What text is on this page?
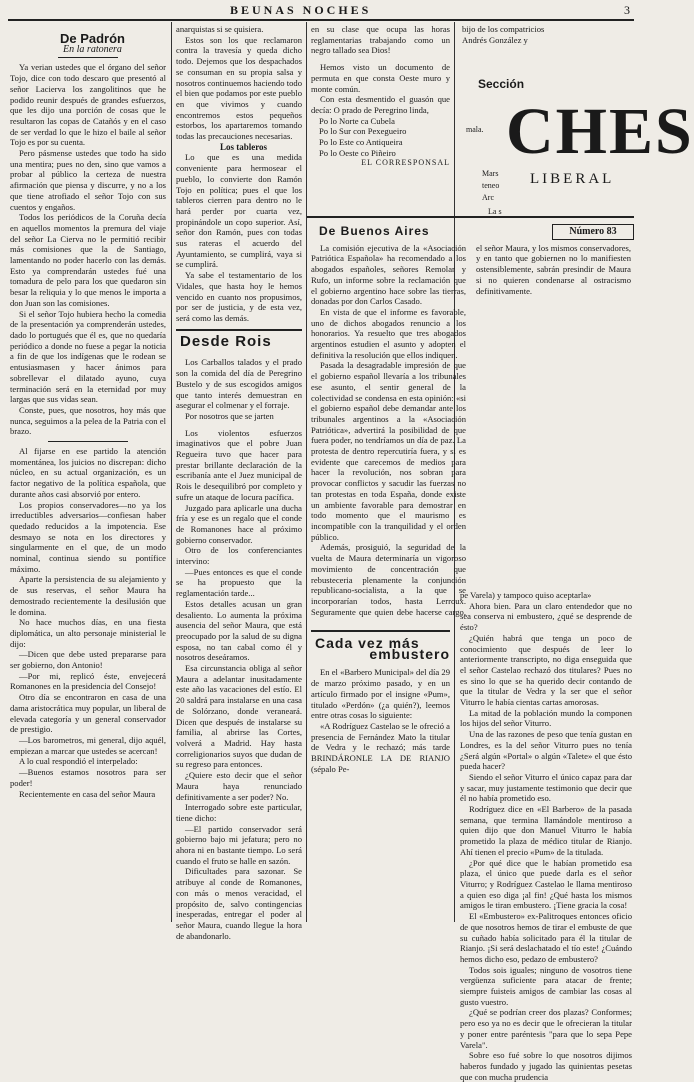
BEUNAS NOCHES	3

De Padrón

En la ratonera

Ya verian ustedes que el órgano del señor Tojo, dice con todo descaro que presentó al señor Lacierva los zangolitinos que he podido reunir después de grandes esfuerzos, que les dijo una porción de cosas que le resultaron las copas de Catañós y en el caso de ser verdad lo que le hizo el baile al señor Tojo es por su cuenta.

Pero pásmense ustedes que todo ha sido una mentira; pues no den, sino que vamos a probar al público la certeza de nuestra afirmación que piensa y discurre, y no a los que tiene atrofiado el señor Tojo con sus cuentos y engaños.

Todos los periódicos de la Coruña decía en aquellos momentos la premura del viaje del señor La Cierva no le permitió recibir más comisiones que la de Santiago, lamentando no poder hacerlo con las demás. Esto ya comprendarán ustedes fué una tomadura de pelo para los que quedaron sin besar la reliquia y lo que menos le importa a don Juan son las comisiones.

Si el señor Tojo hubiera hecho la comedia de la presentación ya comprenderán ustedes, dado lo portugués que él es, que no quedaría periódico a donde no fuese a pegar la noticia a fin de que los indígenas que le rodean se entusiasmasen y hacer ánimos para sobrellevar el dilatado ayuno, cuya terminación será en la eternidad por muy largas que sus vidas sean.

Conste, pues, que nosotros, hoy más que nunca, seguimos a la pelea de la Patria con el brazo.

Al fijarse en ese partido la atención momentánea, los juicios no discrepan: dicho núcleo, en su actual organización, es un factor negativo de la política española, que durante años casi absorvió por entero.

Los propios conservadores—no ya los irreductibles adversarios—confiesan haber quedado reducidos a la impotencia. Ese desmayo se nota en los directores y singularmente en el que, de un modo nominal, continua siendo su pontífice máximo.

Aparte la persistencia de su alejamiento y de sus reservas, el señor Maura ha demostrado recientemente la desilusión que le domina.

No hace muchos días, en una fiesta diplomática, un alto personaje ministerial le dijo:

—Dicen que debe usted prepararse para ser gobierno, don Antonio!

—Por mi, replicó éste, envejecerá Romanones en la presidencia del Consejo!

Otro día se encontraron en casa de una dama aristocrática muy popular, un liberal de elevada categoría y un general conservador de prestigio.

—Los barometros, mi general, dijo aquél, empiezan a marcar que ustedes se acercan!

A lo cual respondió el interpelado:

—Buenos estamos nosotros para ser poder!

Recientemente en casa del señor Maura

anarquistas si se quisiera.

Estos son los que reclamaron contra la travesía y queda dicho todo. Dejemos que los despachados se consuman en su propia salsa y nosotros continuemos haciendo todo el bien que podamos por este pueblo en que vivimos y cuando encontremos estos pequeños estorbos, los apartaremos tomando todas las precauciones necesarias.

Los tableros

Lo que es una medida conveniente para hermosear el pueblo, lo convierte don Ramón Tojo en política; pues el que los tableros cierren para dentro no le hará perder por cuarta vez, propinándole un copo superior. Así, señor don Ramón, pues con todas sus rateras el acuerdo del Ayuntamiento, se cumplirá, vaya si se cumplirá.

Ya sabe el testamentario de los Vidales, que hasta hoy le hemos vencido en cuanto nos propusimos, por ser de justicia, y de esta vez, será como las demás.

Desde Rois

Los Carballos talados y el prado son la comida del día de Peregrino Bustelo y de sus escogidos amigos que tanto interés demuestran en asegurar el colmenar y el forraje.

Por nosotros que se jarten

Los violentos esfuerzos imaginativos que el pobre Juan Regueira tuvo que hacer para prestar brillante declaración de la escribanía ante el Juez municipal de Rois le desequilibró por completo y sufre un ataque de locura pacífica.

Juzgado para aplicarle una ducha fría y ese es un regalo que el conde de Romanones hace al próximo gobierno conservador.

Otro de los conferenciantes intervino:

—Pues entonces es que el conde se ha propuesto que la reglamentación tarde...

Estos detalles acusan un gran desaliento. Lo aumenta la próxima ausencia del señor Maura, que está preocupado por la salud de su digna esposa, no tan cabal como él y nosotros deseáramos.

Esa circunstancia obliga al señor Maura a adelantar inusitadamente este año las vacaciones del estío. El 20 saldrá para instalarse en una casa de Solórzano, donde veraneará. Dicen que después de instalarse su familia, al abrirse las Cortes, volverá a Madrid. Hay hasta correligionarios suyos que dudan de su regreso para entonces.

¿Quiere esto decir que el señor Maura haya renunciado definitivamente a ser poder? No.

Interrogado sobre este particular, tiene dicho:

—El partido conservador será gobierno bajo mi jefatura; pero no ahora ni en bastante tiempo. Lo será cuando el fruto se halle en sazón.

Dificultades para sazonar. Se atribuye al conde de Romanones, con más o menos veracidad, el propósito de, salvo contingencias inesperadas, entregar el poder al señor Maura, cuando llegue la hora de abandonarlo.

en su clase que ocupa las horas reglamentarias trabajando como un negro tallado sea Dios!

Hemos visto un documento de permuta en que consta Oeste muro y monte común.

Con esta desmentido el guasón que decía: O prado de Peregrino linda,

Po lo Norte ca Cubela
Po lo Sur con Pexegueiro
Po lo Este co Antiqueira
Po lo Oeste co Piñeiro
EL CORRESPONSAL

bijo de los compatricios

Andrés González y

Sección
CHES
LIBERAL
mala.
Mars
teneo
Arc
La s
Número 83
De Buenos Aires

La comisión ejecutiva de la «Asociación Patriótica Española» ha recomendado a los abogados españoles, señores Remolar y Rufo, un informe sobre la reclamación que el gobierno argentino hace sobre las tierras, donadas por don Carlos Casado.

En vista de que el informe es favorable, uno de dichos abogados renuncio a los honorarios. Ya resuelto que tres abogados argentinos estudien el asunto y adopten el definitiva la resolución que ellos indiquen.

Pasada la desagradable impresión de que el gobierno español llevaría a los tribunales ese asunto, el sentir general de la colectividad se condensa en esta opinión: «si el gobierno español debe demandar ante los tribunales argentinos a la «Asociación Patriótica», advertirá la posibilidad de que fuera poder, no tendríamos un día de paz. La protesta de dentro repercutiría fuera, y si es evidente que carecemos de medios para hacer la revolución, nos sobran para provocar conflictos y sacudir las fuerzas no tan protestas en toda España, donde existe un ambiente favorable para demostrar en todo momento que el maurismo es incompatible con la tranquilidad y el orden público.

Además, prosiguió, la seguridad de la vuelta de Maura determinaría un vigoroso movimiento de concentración que rebusteceria plenamente la conjunción republicano-socialista, a la que se incorporarían todos, hasta Lerroux. Seguramente que quien debe hacerse cargo, el señor Maura, y los mismos conservadores, y en tanto que gobiernen no lo manifiesten ostensiblemente, sabrán presindir de Maura si no quieren condenarse al ostracismo definitivamente.

Cada vez más
embustero

En el «Barbero Municipal» del día 29 de marzo próximo pasado, y en un artículo firmado por el insigne «Pum», titulado «Perdón» (¿a quién?), leemos entre otras cosas lo siguiente:

«A Rodríguez Castelao se le ofreció a presencia de Fernández Mato la titular de Vedra y le rechazó; más tarde BRINDÁRONLE LA DE RIANJO (sépalo Pe-

pe Varela) y tampoco quiso aceptarla»

Ahora bien. Para un claro entendedor que no sea conserva ni embustero, ¿qué se desprende de ésto?

¿Quién habrá que tenga un poco de conocimiento que después de leer lo anteriormente transcripto, no diga enseguida que el señor Castelao rechazó dos titulares? Pues no es sino lo que se ha querido decir contando de que la titular de Vedra y la ser que el señor Viturro le había cientas cartas amorosas.

La mitad de la población mundo la componen los hijos del señor Viturro.

Una de las razones de peso que tenía gustan en Londres, es la del señor Viturro pues no tenía ¿Será algún «Portal» o algún «Talete» el que ésto pueda hacer?

Siendo el señor Viturro el único capaz para dar y sacar, muy justamente testimonio que decir que él no había prometido eso.

Rodríguez dice en «El Barbero» de la pasada semana, que termina llamándole mentiroso a quien dijo que don Manuel Viturro le había prometido la plaza de médico titular de Rianjo. Ahí tienen el precio «Pum» de la titulada.

¿Por qué dice que le habían prometido esa plaza, el único que puede darla es el señor Viturro; y Rodríguez Castelao le llama mentiroso a quien eso diga ¡al fin! ¿Qué hasta los mismos amigos le tiran embustero. ¡Tiene gracia la cosa!

El «Embustero» ex-Palitroques entonces oficio de que nosotros hemos de tirar el embuste de que su cuñado había solicitado para él la titular de Rianjo. ¡Si será deslachatado el tío este! ¿Cuándo hemos dicho eso, pedazo de embustero?

Todos sois iguales; ninguno de vosotros tiene vergüenza suficiente para atacar de frente; siempre fuisteis amigos de cambiar las cosas al gusto vuestro.

¿Qué se podrían creer dos plazas? Conformes; pero eso ya no es decir que le ofrecieran la titular y poner entre paréntesis "para que lo sepa Pepe Varela".

Sobre eso fué sobre lo que nosotros dijimos haberos fundado y jugado las quinientas pesetas que con mucha prudencia
